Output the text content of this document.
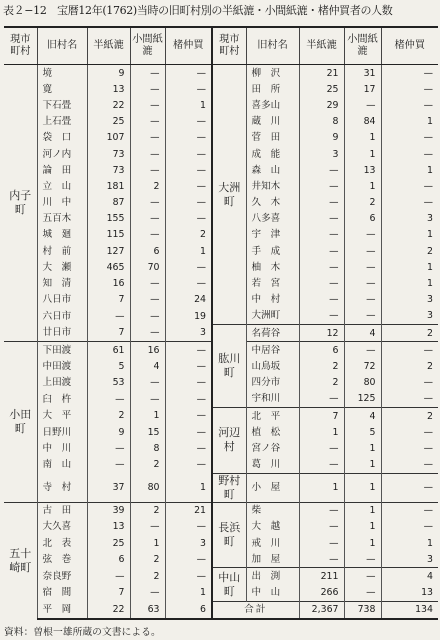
表２−12　宝暦12年(1762)当時の旧町村別の半紙漉・小間紙漉・楮仲買者の人数
現市町村	旧村名	半紙漉	小間紙漉	楮仲買	現市町村	旧村名	半紙漉	小間紙漉	楮仲買
内子町	境	9	—	—	大洲町	柳　沢	21	31	—
	寛	13	—	—		田　所	25	17	—
	下石畳	22	—	1		喜多山	29	—	—
	上石畳	25	—	—		蔵　川	8	84	1
	袋　口	107	—	—		菅　田	9	1	—
	河ノ内	73	—	—		成　能	3	1	—
	論　田	73	—	—		森　山	—	13	1
	立　山	181	2	—		井知木	—	1	—
	川　中	87	—	—		久　木	—	2	—
	五百木	155	—	—		八多喜	—	6	3
	城　廻	115	—	2		宇　津	—	—	1
	村　前	127	6	1		手　成	—	—	2
	大　瀬	465	70	—		柚　木	—	—	1
	知　清	16	—	—		若　宮	—	—	1
	八日市	7	—	24		中　村	—	—	3
	六日市	—	—	19		大洲町	—	—	3
	廿日市	7	—	3	肱川町	名荷谷	12	4	2
小田町	下田渡	61	16	—		中居谷	6	—	—
	中田渡	5	4	—		山鳥坂	2	72	2
	上田渡	53	—	—		四分市	2	80	—
	臼　杵	—	—	—		宇和川	—	125	—
	大　平	2	1	—	河辺村	北　平	7	4	2
	日野川	9	15	—		植　松	1	5	—
	中　川	—	8	—		宮ノ谷	—	1	—
	南　山	—	2	—		葛　川	—	1	—
	寺　村	37	80	1	野村町	小　屋	1	1	—
五十崎町	古　田	39	2	21	長浜町	柴	—	1	—
	大久喜	13	—	—		大　越	—	1	—
	北　表	25	1	3		戒　川	—	1	1
	弦　巻	6	2	—		加　屋	—	—	3
	奈良野	—	2	—	中山町	出　渕	211	—	4
	宿　間	7	—	1		中　山	266	—	13
	平　岡	22	63	6	合計		2,367	738	134
資料：曽根一雄所蔵の文書による。
